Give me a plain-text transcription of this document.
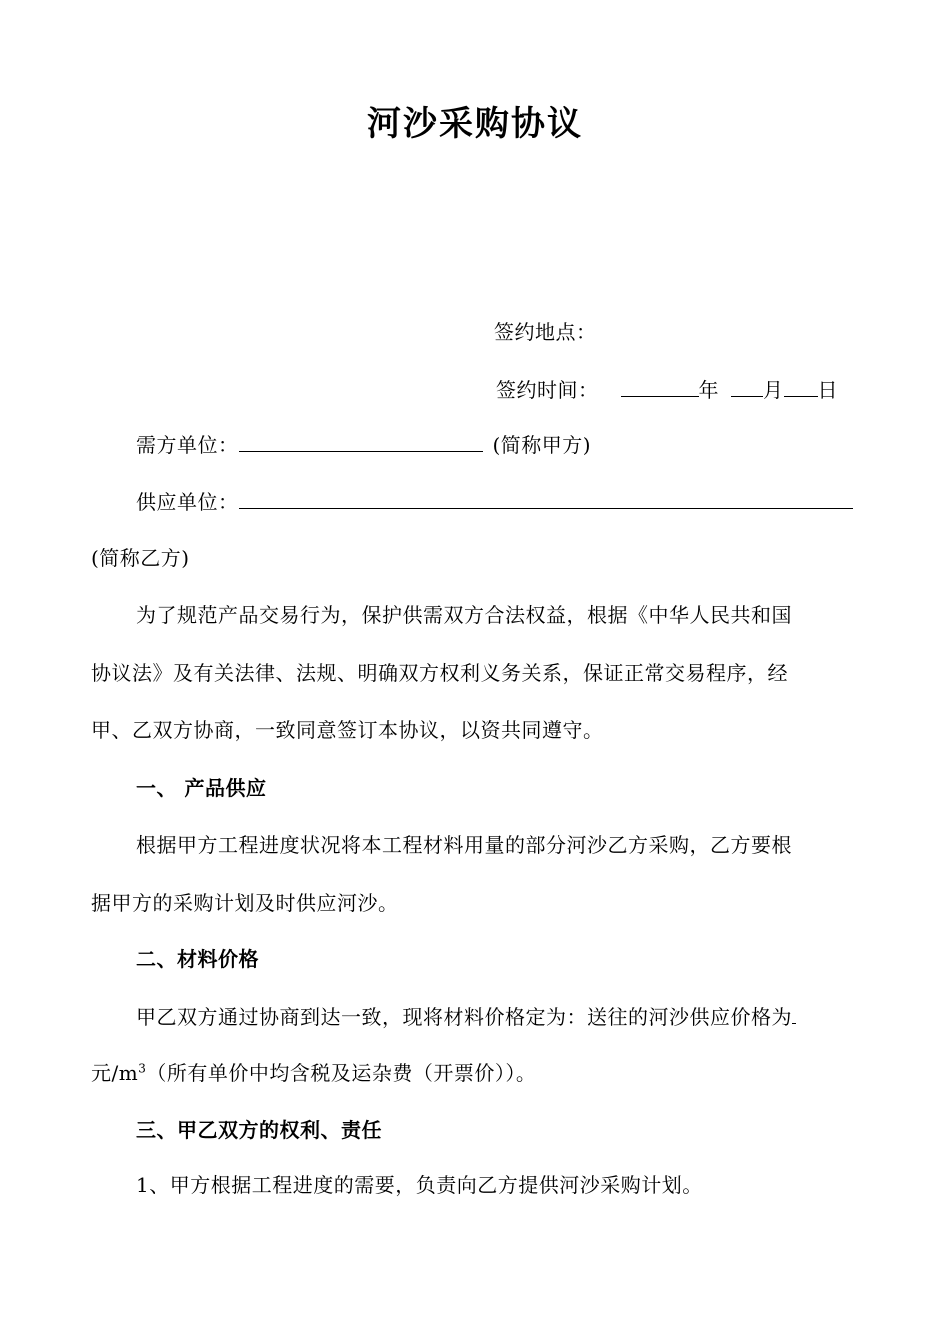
河沙采购协议
签约地点：
签约时间：	年 月 日
需方单位：	(简称甲方)
供应单位：
(简称乙方)
为了规范产品交易行为，保护供需双方合法权益，根据《中华人民共和国
协议法》及有关法律、法规、明确双方权利义务关系，保证正常交易程序，经
甲、乙双方协商，一致同意签订本协议，以资共同遵守。
一、 产品供应
根据甲方工程进度状况将本工程材料用量的部分河沙乙方采购，乙方要根
据甲方的采购计划及时供应河沙。
二、材料价格
甲乙双方通过协商到达一致，现将材料价格定为：送往的河沙供应价格为
元$/m^3$（所有单价中均含税及运杂费（开票价））。
三、甲乙双方的权利、责任
1、甲方根据工程进度的需要，负责向乙方提供河沙采购计划。
